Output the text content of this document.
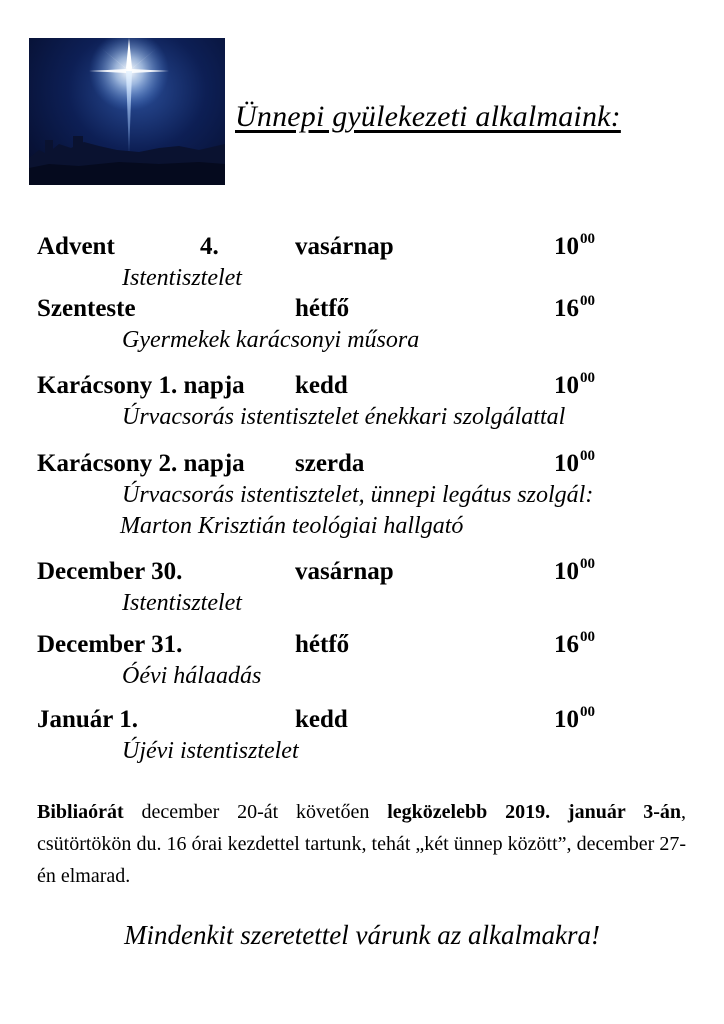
Ünnepi gyülekezeti alkalmaink:
Advent	4.	vasárnap	$10^{00}$
Istentisztelet
Szenteste	hétfő	$16^{00}$
Gyermekek karácsonyi műsora
Karácsony 1. napja kedd	$10^{00}$
Úrvacsorás istentisztelet énekkari szolgálattal
Karácsony 2. napja szerda	$10^{00}$
Úrvacsorás istentisztelet, ünnepi legátus szolgál:
Marton Krisztián teológiai hallgató
December 30.	vasárnap	$10^{00}$
Istentisztelet
December 31.	hétfő	$16^{00}$
Óévi hálaadás
Január 1.	kedd	$10^{00}$
Újévi istentisztelet
Bibliaórát december 20-át követően legközelebb 2019. január 3-án, csütörtökön du. 16 órai kezdettel tartunk, tehát „két ünnep között”, december 27-én elmarad.
Mindenkit szeretettel várunk az alkalmakra!
